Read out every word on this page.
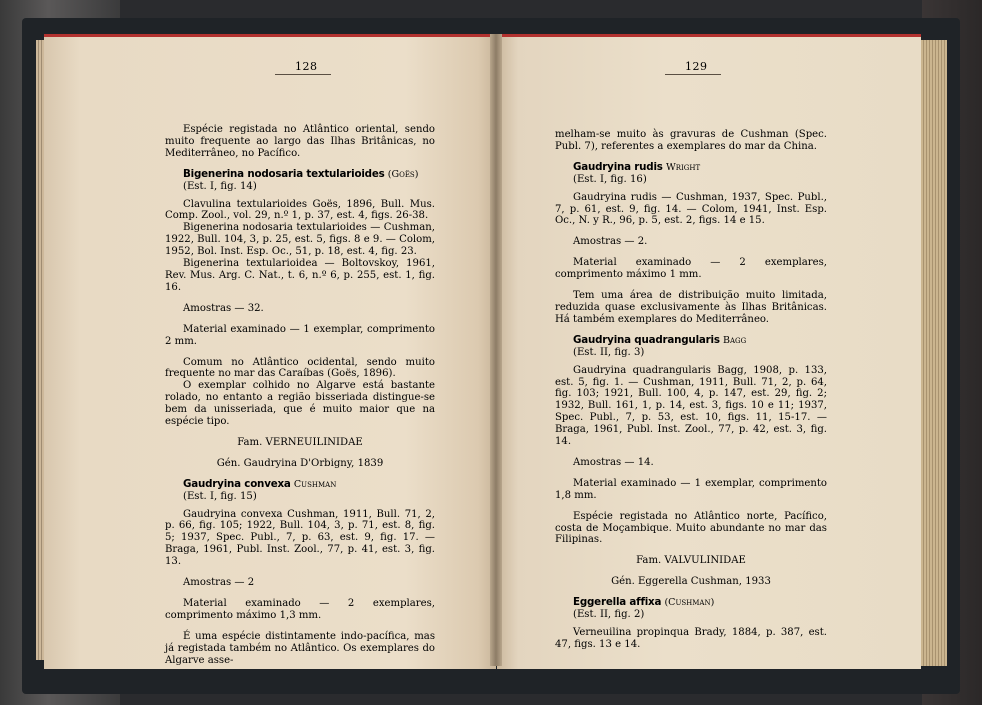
128	129

Espécie registada no Atlântico oriental, sendo muito frequente ao largo das Ilhas Britânicas, no Mediterrâneo, no Pacífico.

Bigenerina nodosaria textularioides (Goës)

(Est. I, fig. 14)

Clavulina textularioides Goës, 1896, Bull. Mus. Comp. Zool., vol. 29, n.º 1, p. 37, est. 4, figs. 26-38.

Bigenerina nodosaria textularioides — Cushman, 1922, Bull. 104, 3, p. 25, est. 5, figs. 8 e 9. — Colom, 1952, Bol. Inst. Esp. Oc., 51, p. 18, est. 4, fig. 23.

Bigenerina textularioidea — Boltovskoy, 1961, Rev. Mus. Arg. C. Nat., t. 6, n.º 6, p. 255, est. 1, fig. 16.

Amostras — 32.

Material examinado — 1 exemplar, comprimento 2 mm.

Comum no Atlântico ocidental, sendo muito frequente no mar das Caraíbas (Goës, 1896).

O exemplar colhido no Algarve está bastante rolado, no entanto a região bisseriada distingue-se bem da unisseriada, que é muito maior que na espécie tipo.

Fam. VERNEUILINIDAE

Gén. Gaudryina D'Orbigny, 1839

Gaudryina convexa Cushman

(Est. I, fig. 15)

Gaudryina convexa Cushman, 1911, Bull. 71, 2, p. 66, fig. 105; 1922, Bull. 104, 3, p. 71, est. 8, fig. 5; 1937, Spec. Publ., 7, p. 63, est. 9, fig. 17. — Braga, 1961, Publ. Inst. Zool., 77, p. 41, est. 3, fig. 13.

Amostras — 2

Material examinado — 2 exemplares, comprimento máximo 1,3 mm.

É uma espécie distintamente indo-pacífica, mas já registada também no Atlântico. Os exemplares do Algarve asse-

melham-se muito às gravuras de Cushman (Spec. Publ. 7), referentes a exemplares do mar da China.

Gaudryina rudis Wright

(Est. I, fig. 16)

Gaudryina rudis — Cushman, 1937, Spec. Publ., 7, p. 61, est. 9, fig. 14. — Colom, 1941, Inst. Esp. Oc., N. y R., 96, p. 5, est. 2, figs. 14 e 15.

Amostras — 2.

Material examinado — 2 exemplares, comprimento máximo 1 mm.

Tem uma área de distribuição muito limitada, reduzida quase exclusivamente às Ilhas Britânicas. Há também exemplares do Mediterrâneo.

Gaudryina quadrangularis Bagg

(Est. II, fig. 3)

Gaudryina quadrangularis Bagg, 1908, p. 133, est. 5, fig. 1. — Cushman, 1911, Bull. 71, 2, p. 64, fig. 103; 1921, Bull. 100, 4, p. 147, est. 29, fig. 2; 1932, Bull. 161, 1, p. 14, est. 3, figs. 10 e 11; 1937, Spec. Publ., 7, p. 53, est. 10, figs. 11, 15-17. — Braga, 1961, Publ. Inst. Zool., 77, p. 42, est. 3, fig. 14.

Amostras — 14.

Material examinado — 1 exemplar, comprimento 1,8 mm.

Espécie registada no Atlântico norte, Pacífico, costa de Moçambique. Muito abundante no mar das Filipinas.

Fam. VALVULINIDAE

Gén. Eggerella Cushman, 1933

Eggerella affixa (Cushman)

(Est. II, fig. 2)

Verneuilina propinqua Brady, 1884, p. 387, est. 47, figs. 13 e 14.
